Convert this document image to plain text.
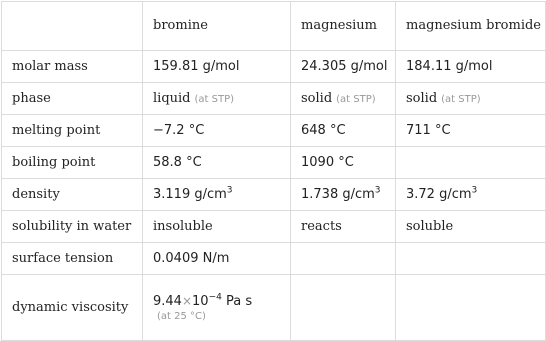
	bromine	magnesium	magnesium bromide
molar mass	159.81 g/mol	24.305 g/mol	184.11 g/mol
phase	liquid (at STP)	solid (at STP)	solid (at STP)
melting point	−7.2 °C	648 °C	711 °C
boiling point	58.8 °C	1090 °C	
density	3.119 $g/cm^3$	1.738 $g/cm^3$	3.72 $g/cm^3$
solubility in water	insoluble	reacts	soluble
surface tension	0.0409 N/m		
dynamic viscosity	$9.44\times 10^{-4}$ Pa s
(at 25 °C)		
